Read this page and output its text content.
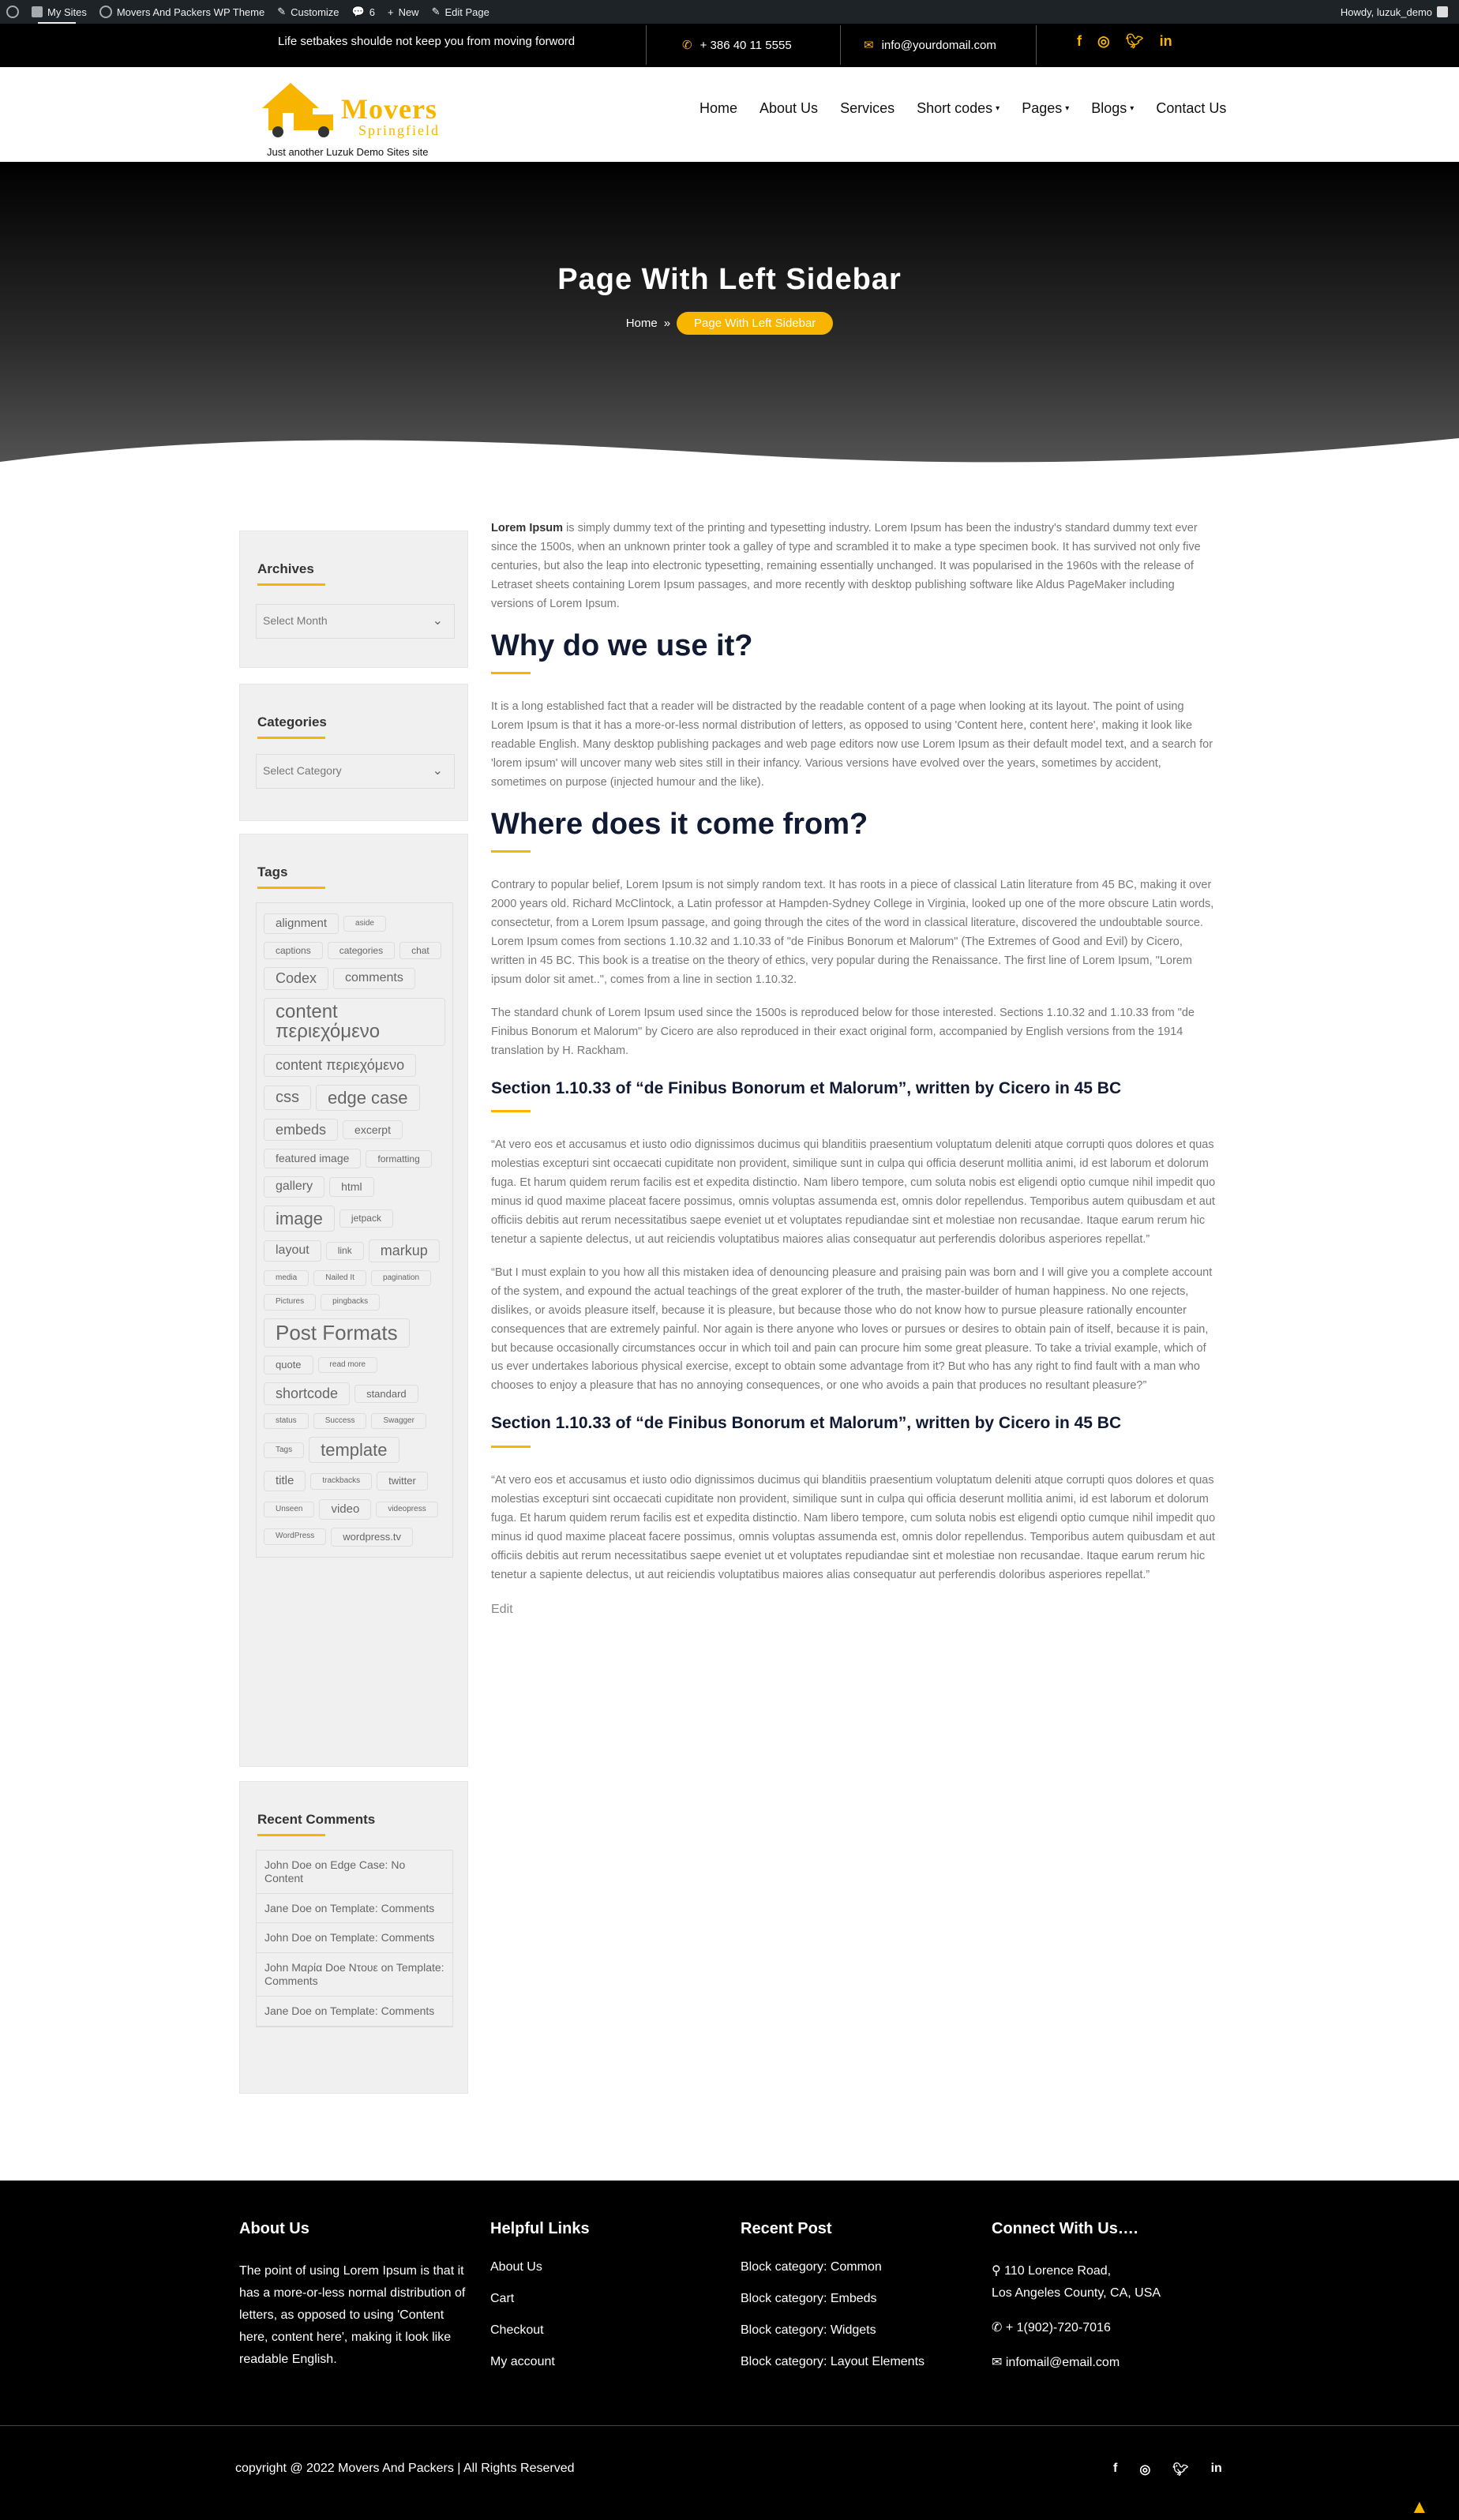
My Sites	Movers And Packers WP Theme ✎ Customize 💬 6 + New ✎ Edit Page	Howdy, luzuk_demo
Life setbakes shoulde not keep you from moving forword	✆ + 386 40 11 5555	✉ info@yourdomail.com	f ◎ 🐦︎ in
Movers
Springfield
Just another Luzuk Demo Sites site
Home About Us Services Short codes ▾ Pages ▾ Blogs ▾ Contact Us
Page With Left Sidebar
Home »	Page With Left Sidebar
Archives
Select Month	⌄
Categories
Select Category	⌄
Tags
alignment	asidecaptions	categories	chatCodex commentscontent περιεχόμενοcontent περιεχόμενοcss edge caseembeds	excerptfeatured image	formattinggallery	htmlimage	jetpacklayout	link markupmedia	Nailed It	paginationPictures	pingbacksPost Formatsquote	read moreshortcode	standardstatus	Success	SwaggerTags templatetitle	trackbacks	twitterUnseen video	videopressWordPress	wordpress.tv
Recent Comments
John Doe on Edge Case: No Content
Jane Doe on Template: Comments
John Doe on Template: Comments
John Μαρία Doe Ντουε on Template: Comments
Jane Doe on Template: Comments

Lorem Ipsum is simply dummy text of the printing and typesetting industry. Lorem Ipsum has been the industry's standard dummy text ever since the 1500s, when an unknown printer took a galley of type and scrambled it to make a type specimen book. It has survived not only five centuries, but also the leap into electronic typesetting, remaining essentially unchanged. It was popularised in the 1960s with the release of Letraset sheets containing Lorem Ipsum passages, and more recently with desktop publishing software like Aldus PageMaker including versions of Lorem Ipsum.

Why do we use it?

It is a long established fact that a reader will be distracted by the readable content of a page when looking at its layout. The point of using Lorem Ipsum is that it has a more-or-less normal distribution of letters, as opposed to using 'Content here, content here', making it look like readable English. Many desktop publishing packages and web page editors now use Lorem Ipsum as their default model text, and a search for 'lorem ipsum' will uncover many web sites still in their infancy. Various versions have evolved over the years, sometimes by accident, sometimes on purpose (injected humour and the like).

Where does it come from?

Contrary to popular belief, Lorem Ipsum is not simply random text. It has roots in a piece of classical Latin literature from 45 BC, making it over 2000 years old. Richard McClintock, a Latin professor at Hampden-Sydney College in Virginia, looked up one of the more obscure Latin words, consectetur, from a Lorem Ipsum passage, and going through the cites of the word in classical literature, discovered the undoubtable source. Lorem Ipsum comes from sections 1.10.32 and 1.10.33 of "de Finibus Bonorum et Malorum" (The Extremes of Good and Evil) by Cicero, written in 45 BC. This book is a treatise on the theory of ethics, very popular during the Renaissance. The first line of Lorem Ipsum, "Lorem ipsum dolor sit amet..", comes from a line in section 1.10.32.

The standard chunk of Lorem Ipsum used since the 1500s is reproduced below for those interested. Sections 1.10.32 and 1.10.33 from "de Finibus Bonorum et Malorum" by Cicero are also reproduced in their exact original form, accompanied by English versions from the 1914 translation by H. Rackham.

Section 1.10.33 of “de Finibus Bonorum et Malorum”, written by Cicero in 45 BC

“At vero eos et accusamus et iusto odio dignissimos ducimus qui blanditiis praesentium voluptatum deleniti atque corrupti quos dolores et quas molestias excepturi sint occaecati cupiditate non provident, similique sunt in culpa qui officia deserunt mollitia animi, id est laborum et dolorum fuga. Et harum quidem rerum facilis est et expedita distinctio. Nam libero tempore, cum soluta nobis est eligendi optio cumque nihil impedit quo minus id quod maxime placeat facere possimus, omnis voluptas assumenda est, omnis dolor repellendus. Temporibus autem quibusdam et aut officiis debitis aut rerum necessitatibus saepe eveniet ut et voluptates repudiandae sint et molestiae non recusandae. Itaque earum rerum hic tenetur a sapiente delectus, ut aut reiciendis voluptatibus maiores alias consequatur aut perferendis doloribus asperiores repellat.”

“But I must explain to you how all this mistaken idea of denouncing pleasure and praising pain was born and I will give you a complete account of the system, and expound the actual teachings of the great explorer of the truth, the master-builder of human happiness. No one rejects, dislikes, or avoids pleasure itself, because it is pleasure, but because those who do not know how to pursue pleasure rationally encounter consequences that are extremely painful. Nor again is there anyone who loves or pursues or desires to obtain pain of itself, because it is pain, but because occasionally circumstances occur in which toil and pain can procure him some great pleasure. To take a trivial example, which of us ever undertakes laborious physical exercise, except to obtain some advantage from it? But who has any right to find fault with a man who chooses to enjoy a pleasure that has no annoying consequences, or one who avoids a pain that produces no resultant pleasure?”

Section 1.10.33 of “de Finibus Bonorum et Malorum”, written by Cicero in 45 BC

“At vero eos et accusamus et iusto odio dignissimos ducimus qui blanditiis praesentium voluptatum deleniti atque corrupti quos dolores et quas molestias excepturi sint occaecati cupiditate non provident, similique sunt in culpa qui officia deserunt mollitia animi, id est laborum et dolorum fuga. Et harum quidem rerum facilis est et expedita distinctio. Nam libero tempore, cum soluta nobis est eligendi optio cumque nihil impedit quo minus id quod maxime placeat facere possimus, omnis voluptas assumenda est, omnis dolor repellendus. Temporibus autem quibusdam et aut officiis debitis aut rerum necessitatibus saepe eveniet ut et voluptates repudiandae sint et molestiae non recusandae. Itaque earum rerum hic tenetur a sapiente delectus, ut aut reiciendis voluptatibus maiores alias consequatur aut perferendis doloribus asperiores repellat.”

Edit
About Us

The point of using Lorem Ipsum is that it has a more-or-less normal distribution of letters, as opposed to using 'Content here, content here', making it look like readable English.

Helpful Links
About Us
Cart
Checkout
My account
Recent Post
Block category: Common
Block category: Embeds
Block category: Widgets
Block category: Layout Elements
Connect With Us….

⚲ 110 Lorence Road,
Los Angeles County, CA, USA

✆ + 1(902)-720-7016

✉ infomail@email.com

copyright @ 2022 Movers And Packers | All Rights Reserved	f ◎ 🐦︎ in
▲
